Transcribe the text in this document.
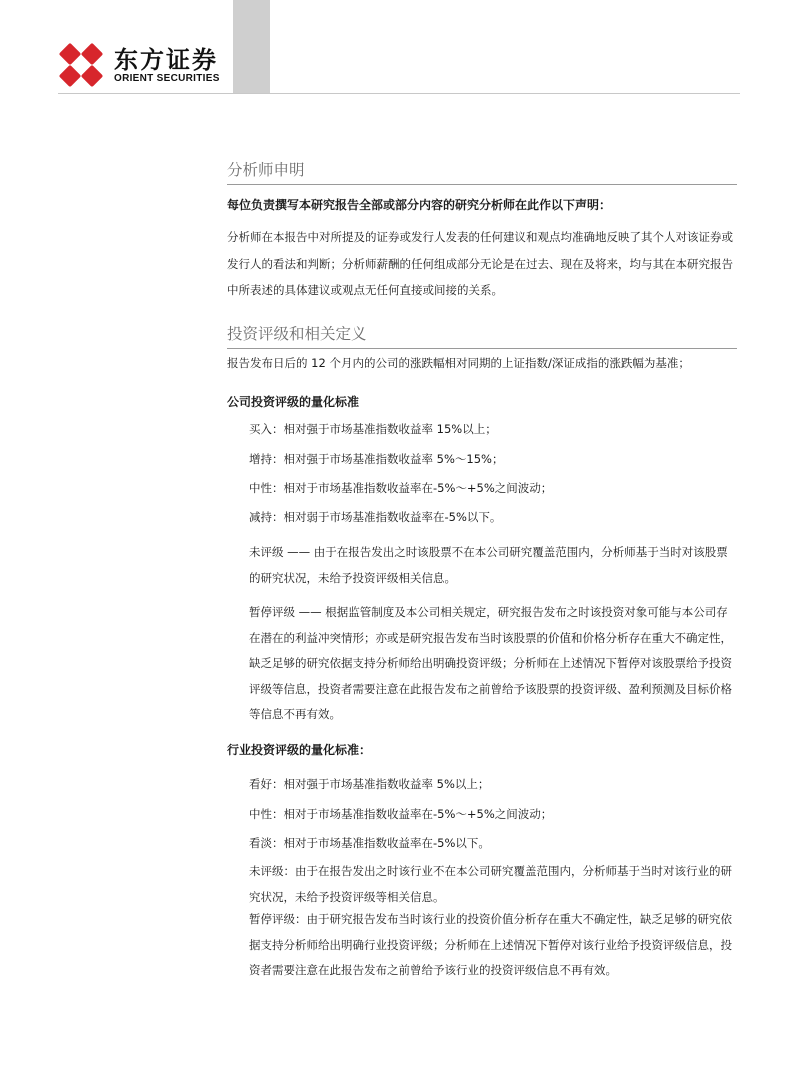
东方证券
ORIENT SECURITIES
分析师申明
每位负责撰写本研究报告全部或部分内容的研究分析师在此作以下声明：
分析师在本报告中对所提及的证券或发行人发表的任何建议和观点均准确地反映了其个人对该证券或发行人的看法和判断；分析师薪酬的任何组成部分无论是在过去、现在及将来，均与其在本研究报告中所表述的具体建议或观点无任何直接或间接的关系。
投资评级和相关定义
报告发布日后的 12 个月内的公司的涨跌幅相对同期的上证指数/深证成指的涨跌幅为基准；
公司投资评级的量化标准
买入：相对强于市场基准指数收益率 15%以上；
增持：相对强于市场基准指数收益率 5%～15%；
中性：相对于市场基准指数收益率在-5%～+5%之间波动；
减持：相对弱于市场基准指数收益率在-5%以下。
未评级 —— 由于在报告发出之时该股票不在本公司研究覆盖范围内，分析师基于当时对该股票的研究状况，未给予投资评级相关信息。
暂停评级 —— 根据监管制度及本公司相关规定，研究报告发布之时该投资对象可能与本公司存在潜在的利益冲突情形；亦或是研究报告发布当时该股票的价值和价格分析存在重大不确定性，缺乏足够的研究依据支持分析师给出明确投资评级；分析师在上述情况下暂停对该股票给予投资评级等信息，投资者需要注意在此报告发布之前曾给予该股票的投资评级、盈利预测及目标价格等信息不再有效。
行业投资评级的量化标准：
看好：相对强于市场基准指数收益率 5%以上；
中性：相对于市场基准指数收益率在-5%～+5%之间波动；
看淡：相对于市场基准指数收益率在-5%以下。
未评级：由于在报告发出之时该行业不在本公司研究覆盖范围内，分析师基于当时对该行业的研究状况，未给予投资评级等相关信息。
暂停评级：由于研究报告发布当时该行业的投资价值分析存在重大不确定性，缺乏足够的研究依据支持分析师给出明确行业投资评级；分析师在上述情况下暂停对该行业给予投资评级信息，投资者需要注意在此报告发布之前曾给予该行业的投资评级信息不再有效。
